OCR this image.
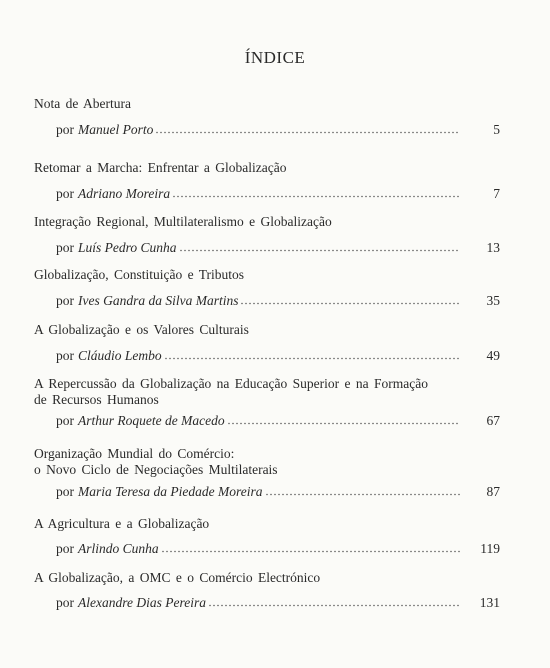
ÍNDICE
Nota de Abertura
por Manuel Porto	5
Retomar a Marcha: Enfrentar a Globalização
por Adriano Moreira	7
Integração Regional, Multilateralismo e Globalização
por Luís Pedro Cunha	13
Globalização, Constituição e Tributos
por Ives Gandra da Silva Martins	35
A Globalização e os Valores Culturais
por Cláudio Lembo	49
A Repercussão da Globalização na Educação Superior e na Formação
de Recursos Humanos
por Arthur Roquete de Macedo	67
Organização Mundial do Comércio:
o Novo Ciclo de Negociações Multilaterais
por Maria Teresa da Piedade Moreira	87
A Agricultura e a Globalização
por Arlindo Cunha	119
A Globalização, a OMC e o Comércio Electrónico
por Alexandre Dias Pereira	131
